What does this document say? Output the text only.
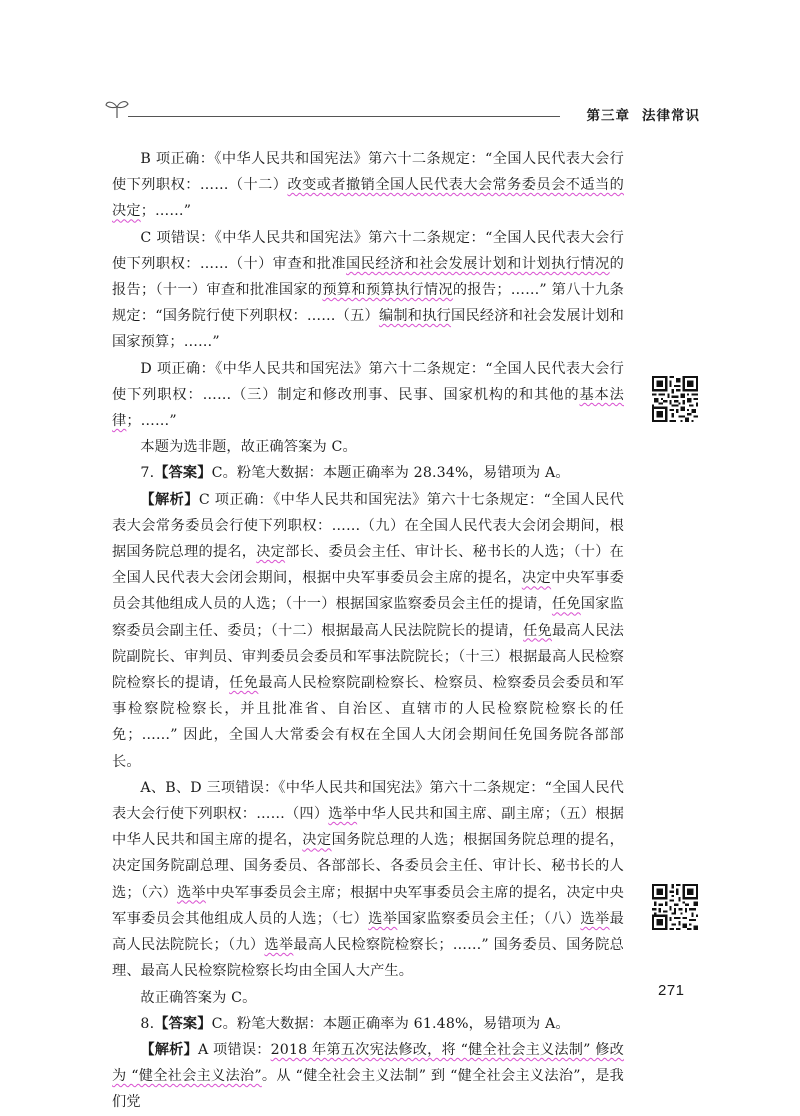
第三章 法律常识

B 项正确：《中华人民共和国宪法》第六十二条规定：“全国人民代表大会行使下列职权：……（十二）改变或者撤销全国人民代表大会常务委员会不适当的决定；……”

C 项错误：《中华人民共和国宪法》第六十二条规定：“全国人民代表大会行使下列职权：……（十）审查和批准国民经济和社会发展计划和计划执行情况的报告；（十一）审查和批准国家的预算和预算执行情况的报告；……” 第八十九条规定：“国务院行使下列职权：……（五）编制和执行国民经济和社会发展计划和国家预算；……”

D 项正确：《中华人民共和国宪法》第六十二条规定：“全国人民代表大会行使下列职权：……（三）制定和修改刑事、民事、国家机构的和其他的基本法律；……”

本题为选非题，故正确答案为 C。

7.【答案】C。粉笔大数据：本题正确率为 28.34%，易错项为 A。

【解析】C 项正确：《中华人民共和国宪法》第六十七条规定：“全国人民代表大会常务委员会行使下列职权：……（九）在全国人民代表大会闭会期间，根据国务院总理的提名，决定部长、委员会主任、审计长、秘书长的人选；（十）在全国人民代表大会闭会期间，根据中央军事委员会主席的提名，决定中央军事委员会其他组成人员的人选；（十一）根据国家监察委员会主任的提请，任免国家监察委员会副主任、委员；（十二）根据最高人民法院院长的提请，任免最高人民法院副院长、审判员、审判委员会委员和军事法院院长；（十三）根据最高人民检察院检察长的提请，任免最高人民检察院副检察长、检察员、检察委员会委员和军事检察院检察长，并且批准省、自治区、直辖市的人民检察院检察长的任免；……” 因此，全国人大常委会有权在全国人大闭会期间任免国务院各部部长。

A、B、D 三项错误：《中华人民共和国宪法》第六十二条规定：“全国人民代表大会行使下列职权：……（四）选举中华人民共和国主席、副主席；（五）根据中华人民共和国主席的提名，决定国务院总理的人选；根据国务院总理的提名，决定国务院副总理、国务委员、各部部长、各委员会主任、审计长、秘书长的人选；（六）选举中央军事委员会主席；根据中央军事委员会主席的提名，决定中央军事委员会其他组成人员的人选；（七）选举国家监察委员会主任；（八）选举最高人民法院院长；（九）选举最高人民检察院检察长；……” 国务委员、国务院总理、最高人民检察院检察长均由全国人大产生。

故正确答案为 C。

8.【答案】C。粉笔大数据：本题正确率为 61.48%，易错项为 A。

【解析】A 项错误：2018 年第五次宪法修改，将 “健全社会主义法制” 修改为 “健全社会主义法治”。从 “健全社会主义法制” 到 “健全社会主义法治”，是我们党

271
